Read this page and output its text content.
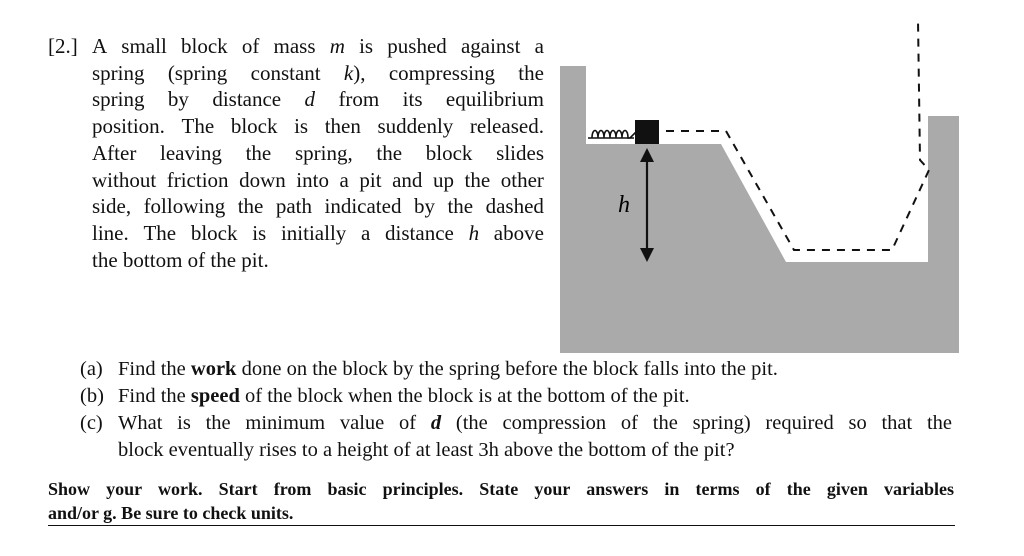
[2.] A small block of mass m is pushed against a
spring (spring constant k), compressing the
spring by distance d from its equilibrium
position. The block is then suddenly released.
After leaving the spring, the block slides
without friction down into a pit and up the other
side, following the path indicated by the dashed
line. The block is initially a distance h above
the bottom of the pit.
h
(a) Find the work done on the block by the spring before the block falls into the pit.
(b) Find the speed of the block when the block is at the bottom of the pit.
(c) What is the minimum value of d (the compression of the spring) required so that the
block eventually rises to a height of at least 3h above the bottom of the pit?
Show your work. Start from basic principles. State your answers in terms of the given variables
and/or g. Be sure to check units.
